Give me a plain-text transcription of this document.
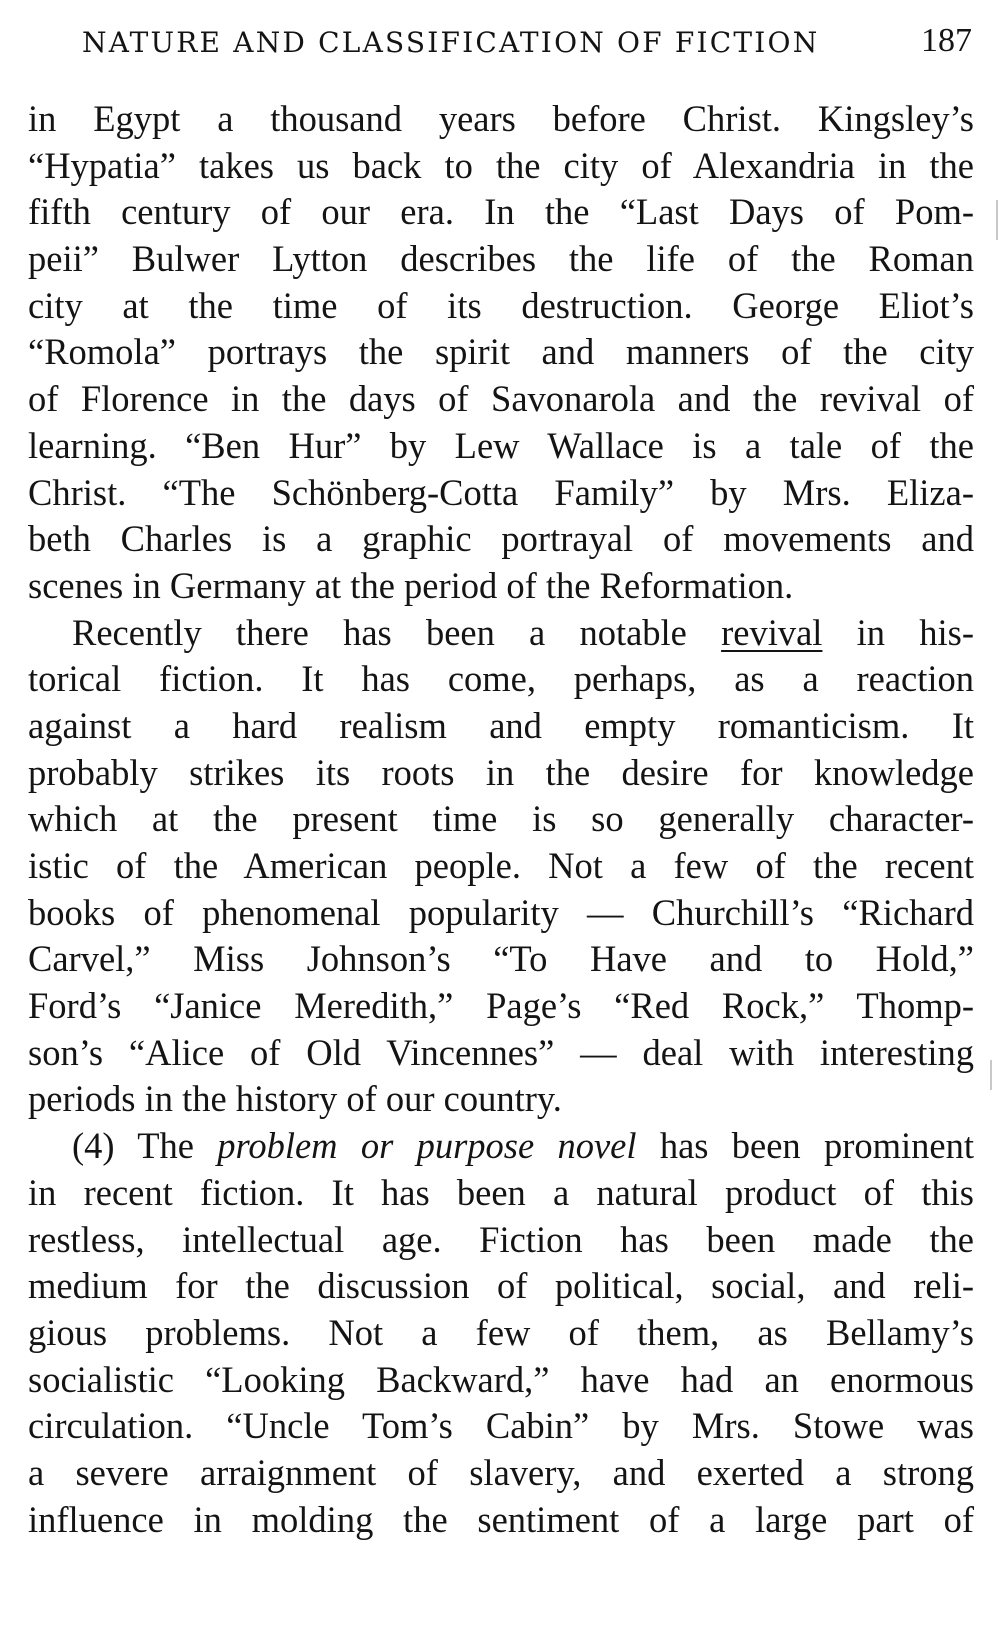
NATURE AND CLASSIFICATION OF FICTION	187
in Egypt a thousand years before Christ. Kingsley’s
“Hypatia” takes us back to the city of Alexandria in the
fifth century of our era. In the “Last Days of Pom-
peii” Bulwer Lytton describes the life of the Roman
city at the time of its destruction. George Eliot’s
“Romola” portrays the spirit and manners of the city
of Florence in the days of Savonarola and the revival of
learning. “Ben Hur” by Lew Wallace is a tale of the
Christ. “The Schönberg-Cotta Family” by Mrs. Eliza-
beth Charles is a graphic portrayal of movements and
scenes in Germany at the period of the Reformation.
Recently there has been a notable revival in his-
torical fiction. It has come, perhaps, as a reaction
against a hard realism and empty romanticism. It
probably strikes its roots in the desire for knowledge
which at the present time is so generally character-
istic of the American people. Not a few of the recent
books of phenomenal popularity — Churchill’s “Richard
Carvel,” Miss Johnson’s “To Have and to Hold,”
Ford’s “Janice Meredith,” Page’s “Red Rock,” Thomp-
son’s “Alice of Old Vincennes” — deal with interesting
periods in the history of our country.
(4) The problem or purpose novel has been prominent
in recent fiction. It has been a natural product of this
restless, intellectual age. Fiction has been made the
medium for the discussion of political, social, and reli-
gious problems. Not a few of them, as Bellamy’s
socialistic “Looking Backward,” have had an enormous
circulation. “Uncle Tom’s Cabin” by Mrs. Stowe was
a severe arraignment of slavery, and exerted a strong
influence in molding the sentiment of a large part of
